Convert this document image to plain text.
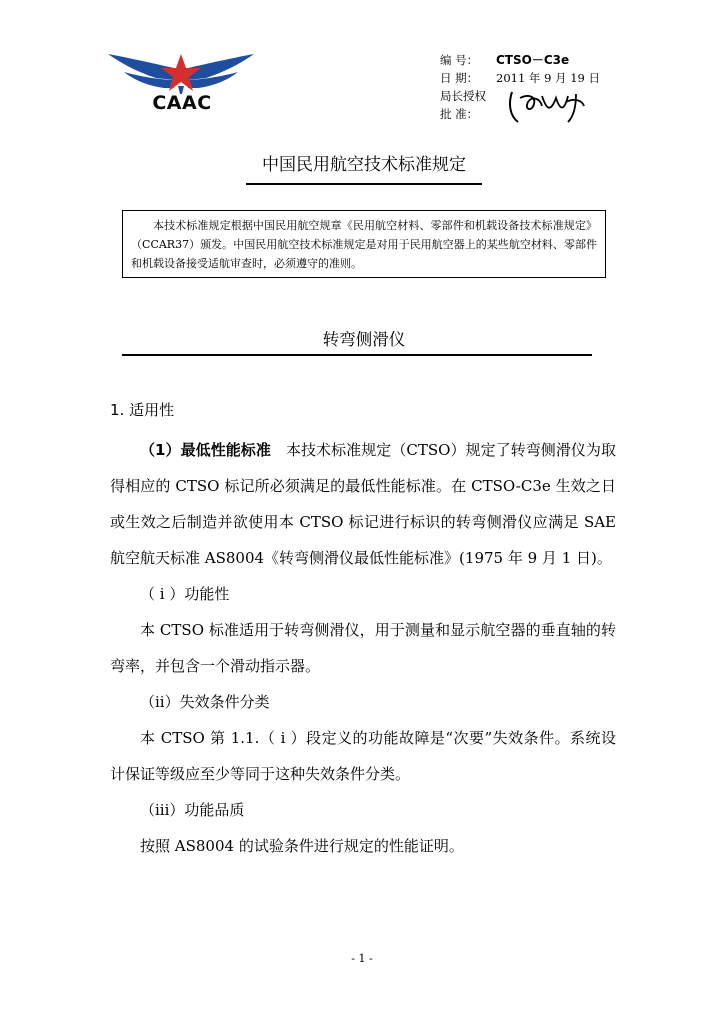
CAAC
编 号： CTSO－C3e
日 期： 2011 年 9 月 19 日
局长授权
批 准：
中国民用航空技术标准规定
本技术标准规定根据中国民用航空规章《民用航空材料、零部件和机载设备技术标准规定》（CCAR37）颁发。中国民用航空技术标准规定是对用于民用航空器上的某些航空材料、零部件和机载设备接受适航审查时，必须遵守的准则。
转弯侧滑仪
1. 适用性

（1）最低性能标准　本技术标准规定（CTSO）规定了转弯侧滑仪为取得相应的 CTSO 标记所必须满足的最低性能标准。在 CTSO-C3e 生效之日或生效之后制造并欲使用本 CTSO 标记进行标识的转弯侧滑仪应满足 SAE 航空航天标准 AS8004《转弯侧滑仪最低性能标准》(1975 年 9 月 1 日)。

（ i ）功能性

本 CTSO 标准适用于转弯侧滑仪，用于测量和显示航空器的垂直轴的转弯率，并包含一个滑动指示器。

（ii）失效条件分类

本 CTSO 第 1.1.（ i ）段定义的功能故障是“次要”失效条件。系统设计保证等级应至少等同于这种失效条件分类。

（iii）功能品质

按照 AS8004 的试验条件进行规定的性能证明。

- 1 -
